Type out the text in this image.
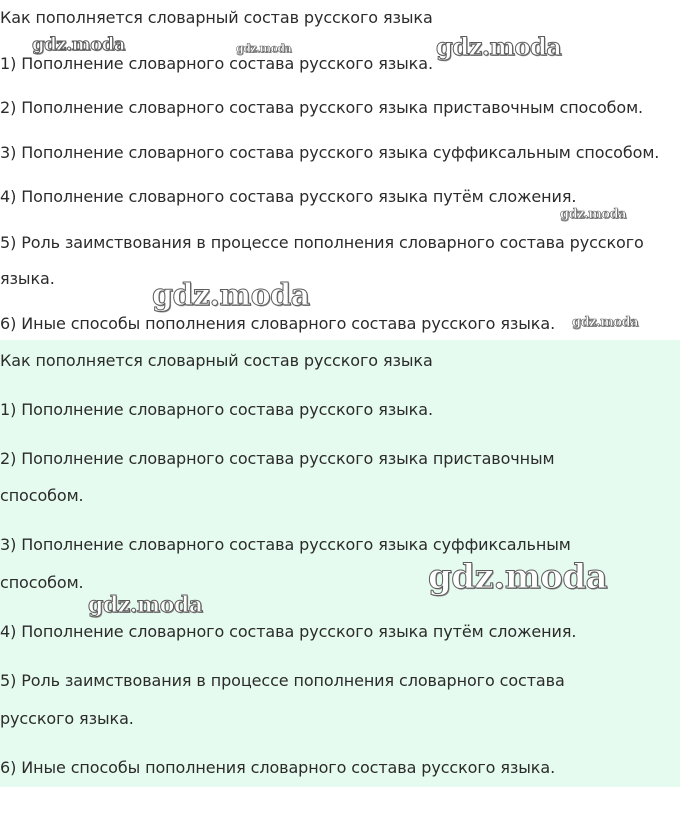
Как пополняется словарный состав русского языка

1) Пополнение словарного состава русского языка.

2) Пополнение словарного состава русского языка приставочным способом.

3) Пополнение словарного состава русского языка суффиксальным способом.

4) Пополнение словарного состава русского языка путём сложения.

5) Роль заимствования в процессе пополнения словарного состава русского

языка.

6) Иные способы пополнения словарного состава русского языка.

Как пополняется словарный состав русского языка

1) Пополнение словарного состава русского языка.

2) Пополнение словарного состава русского языка приставочным

способом.

3) Пополнение словарного состава русского языка суффиксальным

способом.

4) Пополнение словарного состава русского языка путём сложения.

5) Роль заимствования в процессе пополнения словарного состава

русского языка.

6) Иные способы пополнения словарного состава русского языка.

gdz.moda	gdz.moda	gdz.moda
gdz.moda
gdz.moda
gdz.moda
gdz.moda
gdz.moda
